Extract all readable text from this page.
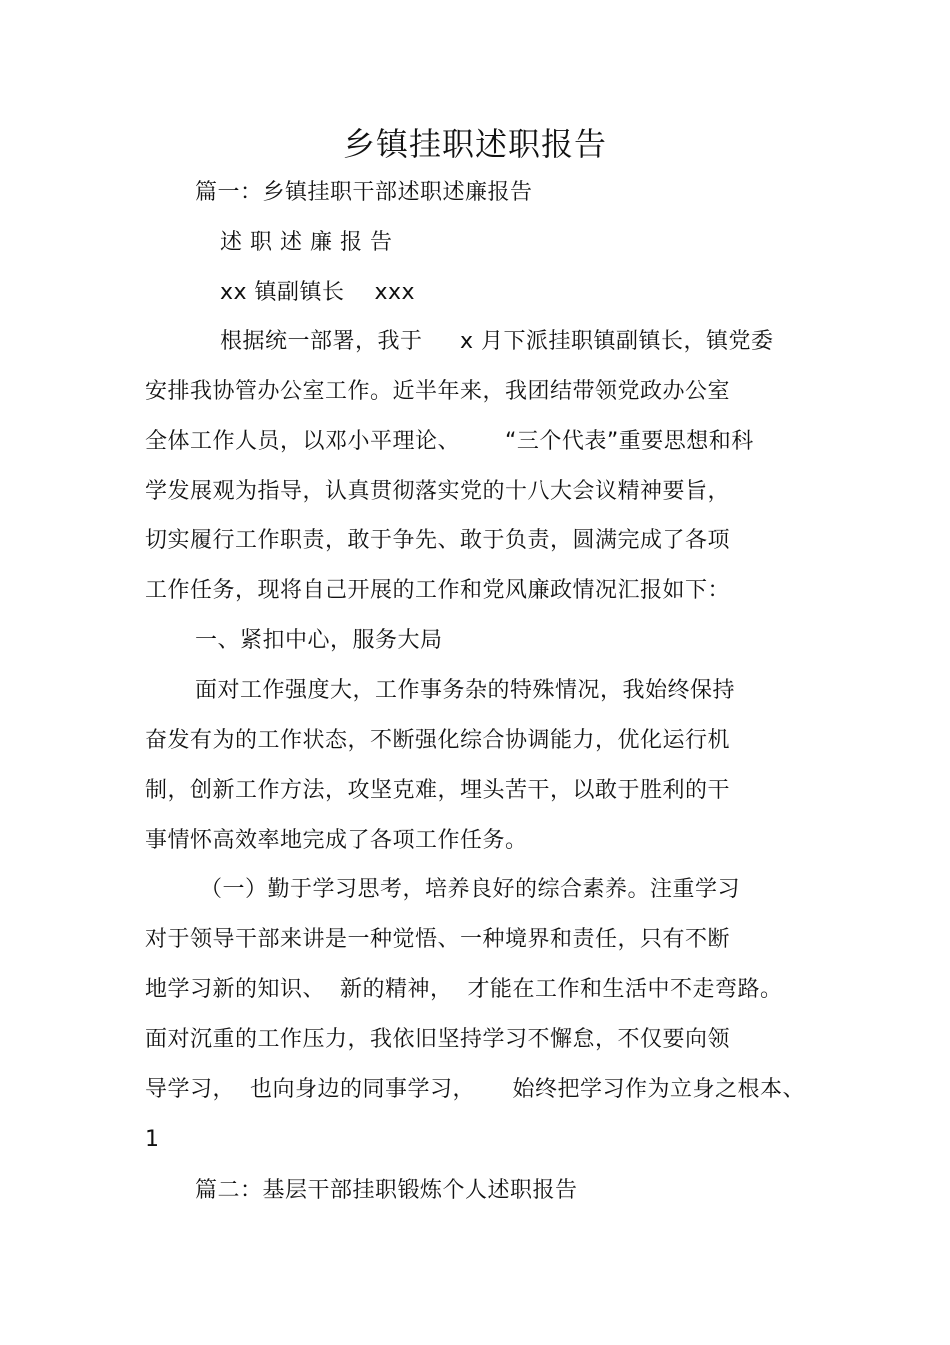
乡镇挂职述职报告
篇一：乡镇挂职干部述职述廉报告
述 职 述 廉 报 告
xx 镇副镇长    xxx
根据统一部署，我于     x 月下派挂职镇副镇长，镇党委
安排我协管办公室工作。近半年来，我团结带领党政办公室
全体工作人员，以邓小平理论、      “三个代表”重要思想和科
学发展观为指导，认真贯彻落实党的十八大会议精神要旨，
切实履行工作职责，敢于争先、敢于负责，圆满完成了各项
工作任务，现将自己开展的工作和党风廉政情况汇报如下：
一、紧扣中心，服务大局
面对工作强度大，工作事务杂的特殊情况，我始终保持
奋发有为的工作状态，不断强化综合协调能力，优化运行机
制，创新工作方法，攻坚克难，埋头苦干，以敢于胜利的干
事情怀高效率地完成了各项工作任务。
（一）勤于学习思考，培养良好的综合素养。注重学习
对于领导干部来讲是一种觉悟、一种境界和责任，只有不断
地学习新的知识、  新的精神，  才能在工作和生活中不走弯路。
面对沉重的工作压力，我依旧坚持学习不懈怠，不仅要向领
导学习，  也向身边的同事学习，     始终把学习作为立身之根本、
1
篇二：基层干部挂职锻炼个人述职报告
